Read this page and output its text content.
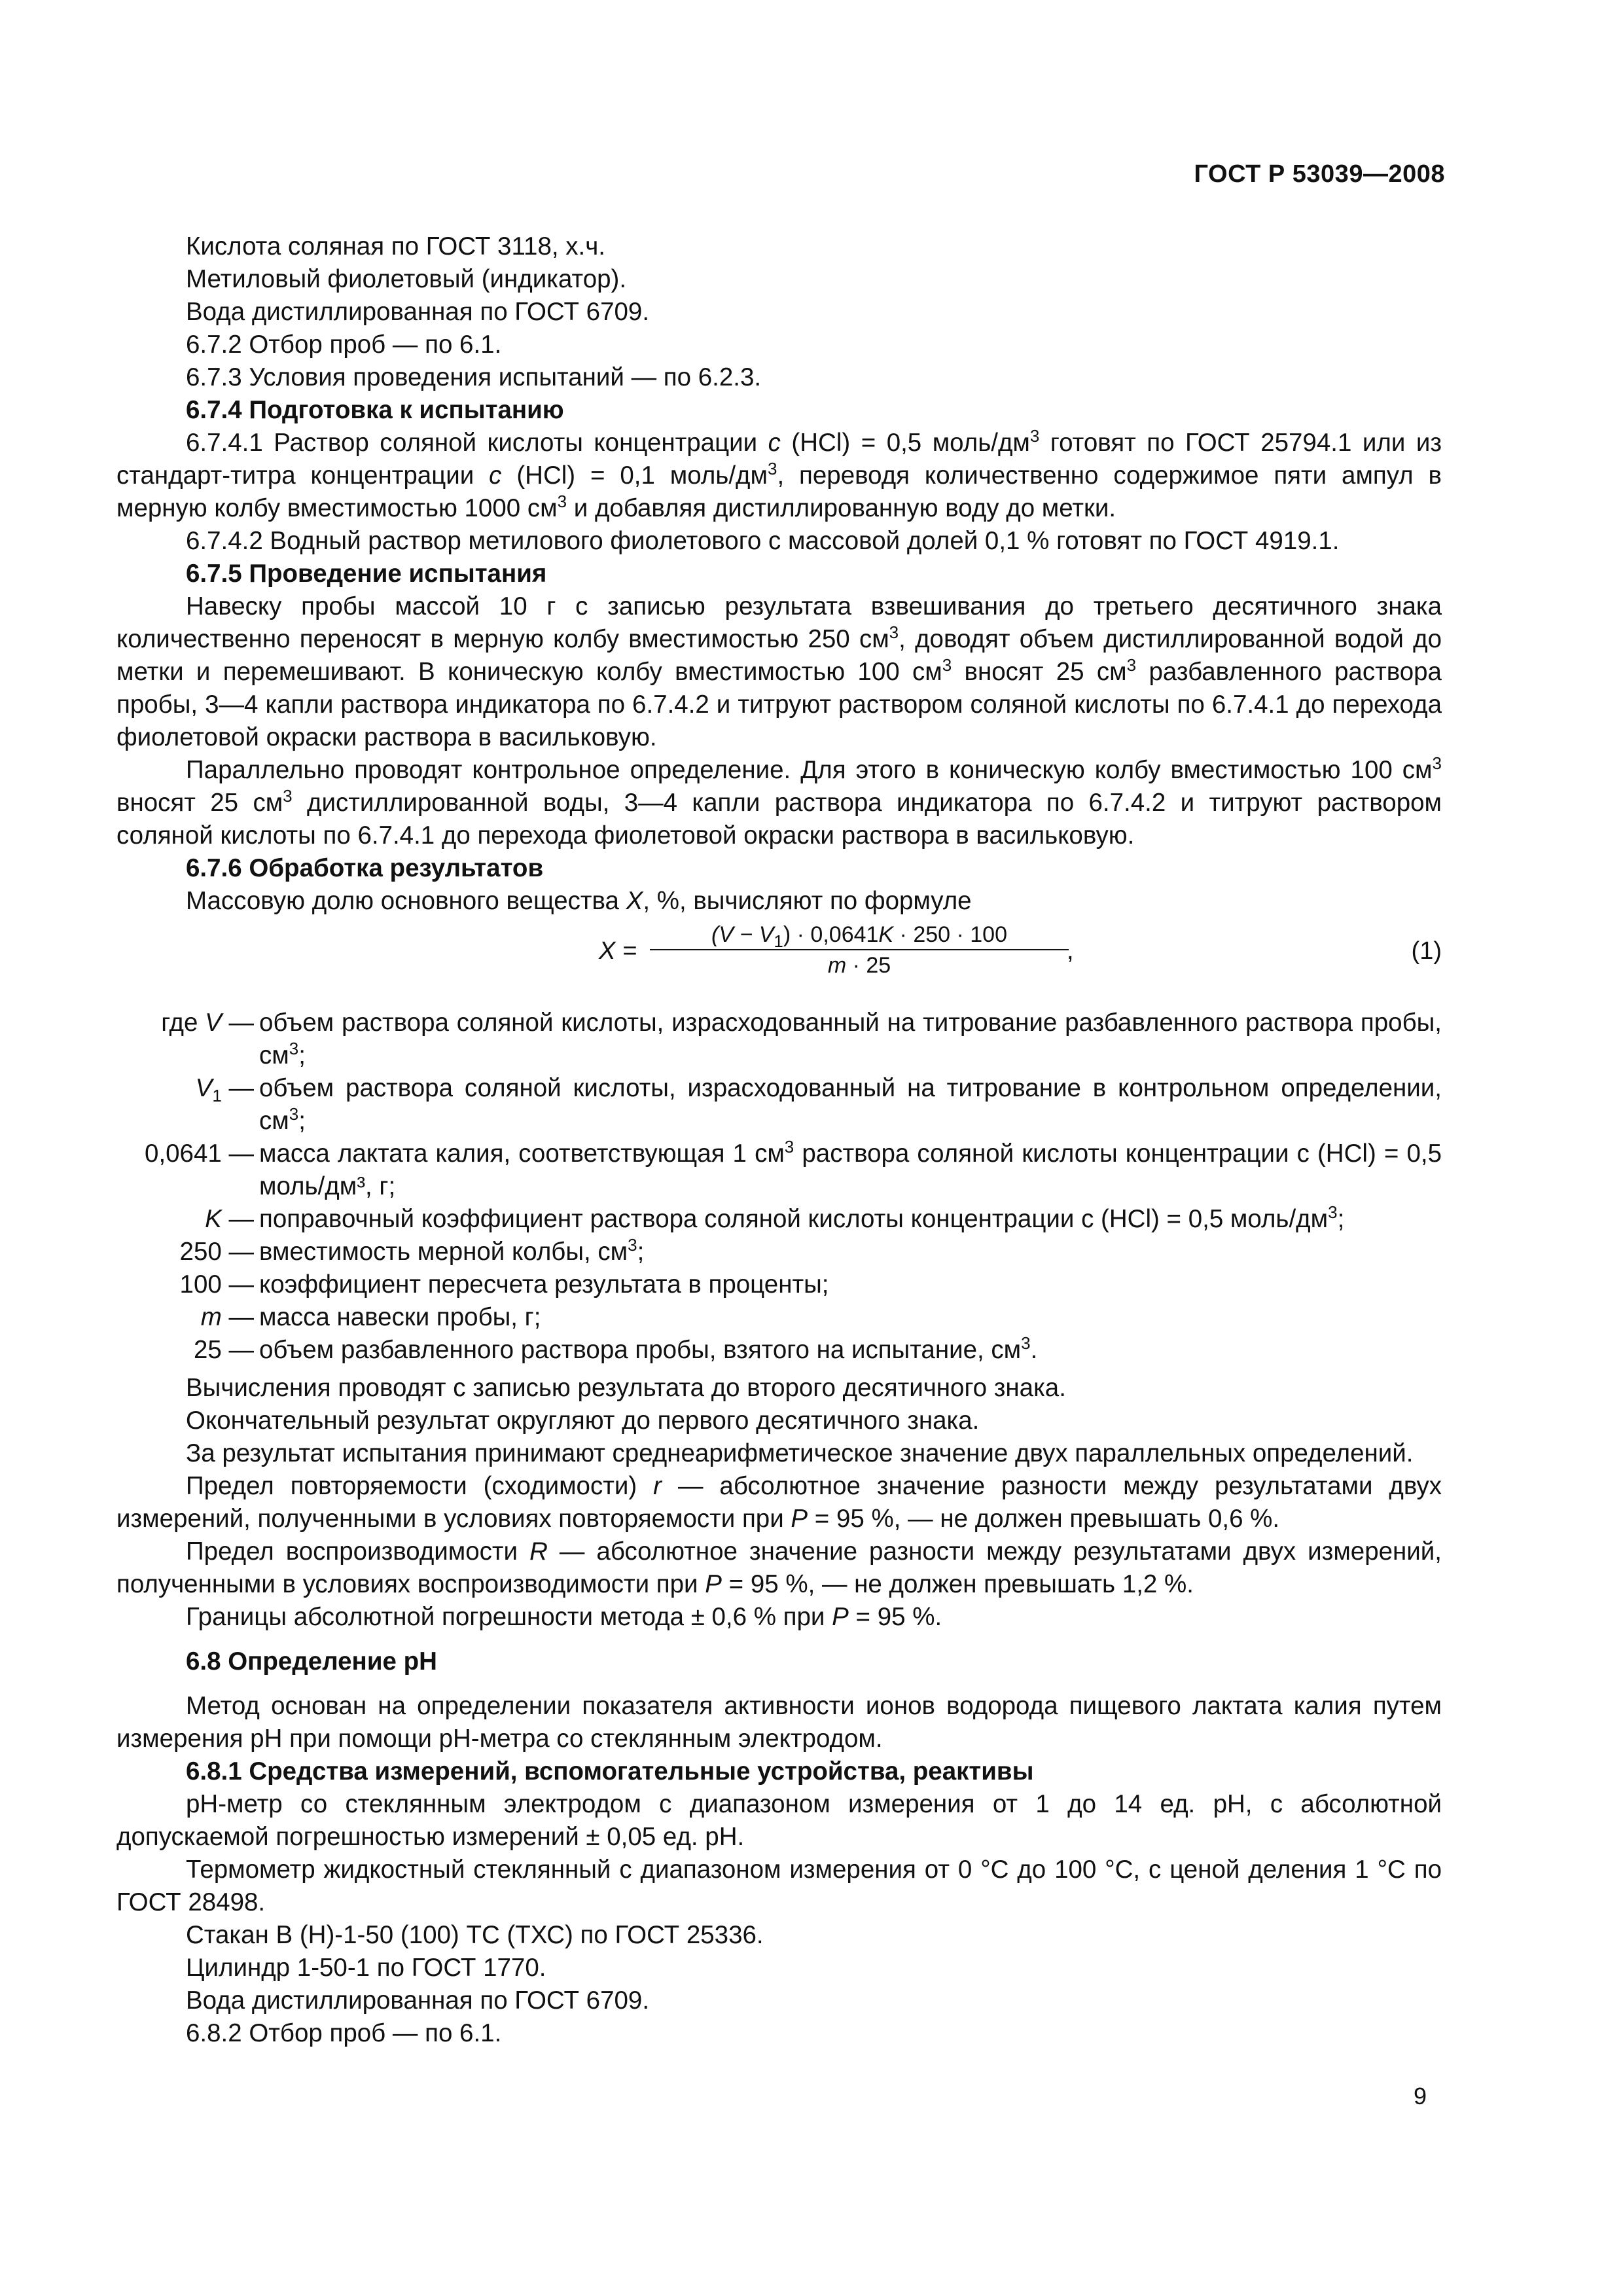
ГОСТ Р 53039—2008

Кислота соляная по ГОСТ 3118, х.ч.

Метиловый фиолетовый (индикатор).

Вода дистиллированная по ГОСТ 6709.

6.7.2 Отбор проб — по 6.1.

6.7.3 Условия проведения испытаний — по 6.2.3.

6.7.4 Подготовка к испытанию

6.7.4.1 Раствор соляной кислоты концентрации c (HCl) = 0,5 моль/$дм^3$ готовят по ГОСТ 25794.1 или из стандарт-титра концентрации c (HCl) = 0,1 моль/$дм^3$, переводя количественно содержимое пяти ампул в мерную колбу вместимостью 1000 $см^3$ и добавляя дистиллированную воду до метки.

6.7.4.2 Водный раствор метилового фиолетового с массовой долей 0,1 % готовят по ГОСТ 4919.1.

6.7.5 Проведение испытания

Навеску пробы массой 10 г с записью результата взвешивания до третьего десятичного знака количественно переносят в мерную колбу вместимостью 250 $см^3$, доводят объем дистиллированной водой до метки и перемешивают. В коническую колбу вместимостью 100 $см^3$ вносят 25 $см^3$ разбавленного раствора пробы, 3—4 капли раствора индикатора по 6.7.4.2 и титруют раствором соляной кислоты по 6.7.4.1 до перехода фиолетовой окраски раствора в васильковую.

Параллельно проводят контрольное определение. Для этого в коническую колбу вместимостью 100 $см^3$ вносят 25 $см^3$ дистиллированной воды, 3—4 капли раствора индикатора по 6.7.4.2 и титруют раствором соляной кислоты по 6.7.4.1 до перехода фиолетовой окраски раствора в васильковую.

6.7.6 Обработка результатов

Массовую долю основного вещества X, %, вычисляют по формуле

$X = \frac{(V - V_1) \cdot 0,0641K \cdot 250 \cdot 100}{m \cdot 25}$
,	(1)
где V —	объем раствора соляной кислоты, израсходованный на титрование разбавленного раствора пробы, $см^3$;
$V_1$ —	объем раствора соляной кислоты, израсходованный на титрование в контрольном определении, $см^3$;
0,0641 —	масса лактата калия, соответствующая 1 $см^3$ раствора соляной кислоты концентрации c (HCl) = 0,5 моль/дм³, г;
K —	поправочный коэффициент раствора соляной кислоты концентрации c (HCl) = 0,5 моль/$дм^3$;
250 —	вместимость мерной колбы, $см^3$;
100 —	коэффициент пересчета результата в проценты;
m —	масса навески пробы, г;
25 —	объем разбавленного раствора пробы, взятого на испытание, $см^3$.

Вычисления проводят с записью результата до второго десятичного знака.

Окончательный результат округляют до первого десятичного знака.

За результат испытания принимают среднеарифметическое значение двух параллельных определений.

Предел повторяемости (сходимости) r — абсолютное значение разности между результатами двух измерений, полученными в условиях повторяемости при P = 95 %, — не должен превышать 0,6 %.

Предел воспроизводимости R — абсолютное значение разности между результатами двух измерений, полученными в условиях воспроизводимости при P = 95 %, — не должен превышать 1,2 %.

Границы абсолютной погрешности метода ± 0,6 % при P = 95 %.

6.8 Определение рН

Метод основан на определении показателя активности ионов водорода пищевого лактата калия путем измерения рН при помощи рН-метра со стеклянным электродом.

6.8.1 Средства измерений, вспомогательные устройства, реактивы

рН-метр со стеклянным электродом с диапазоном измерения от 1 до 14 ед. рН, с абсолютной допускаемой погрешностью измерений ± 0,05 ед. рН.

Термометр жидкостный стеклянный с диапазоном измерения от 0 °С до 100 °С, с ценой деления 1 °С по ГОСТ 28498.

Стакан В (Н)-1-50 (100) ТС (ТХС) по ГОСТ 25336.

Цилиндр 1-50-1 по ГОСТ 1770.

Вода дистиллированная по ГОСТ 6709.

6.8.2 Отбор проб — по 6.1.

9
